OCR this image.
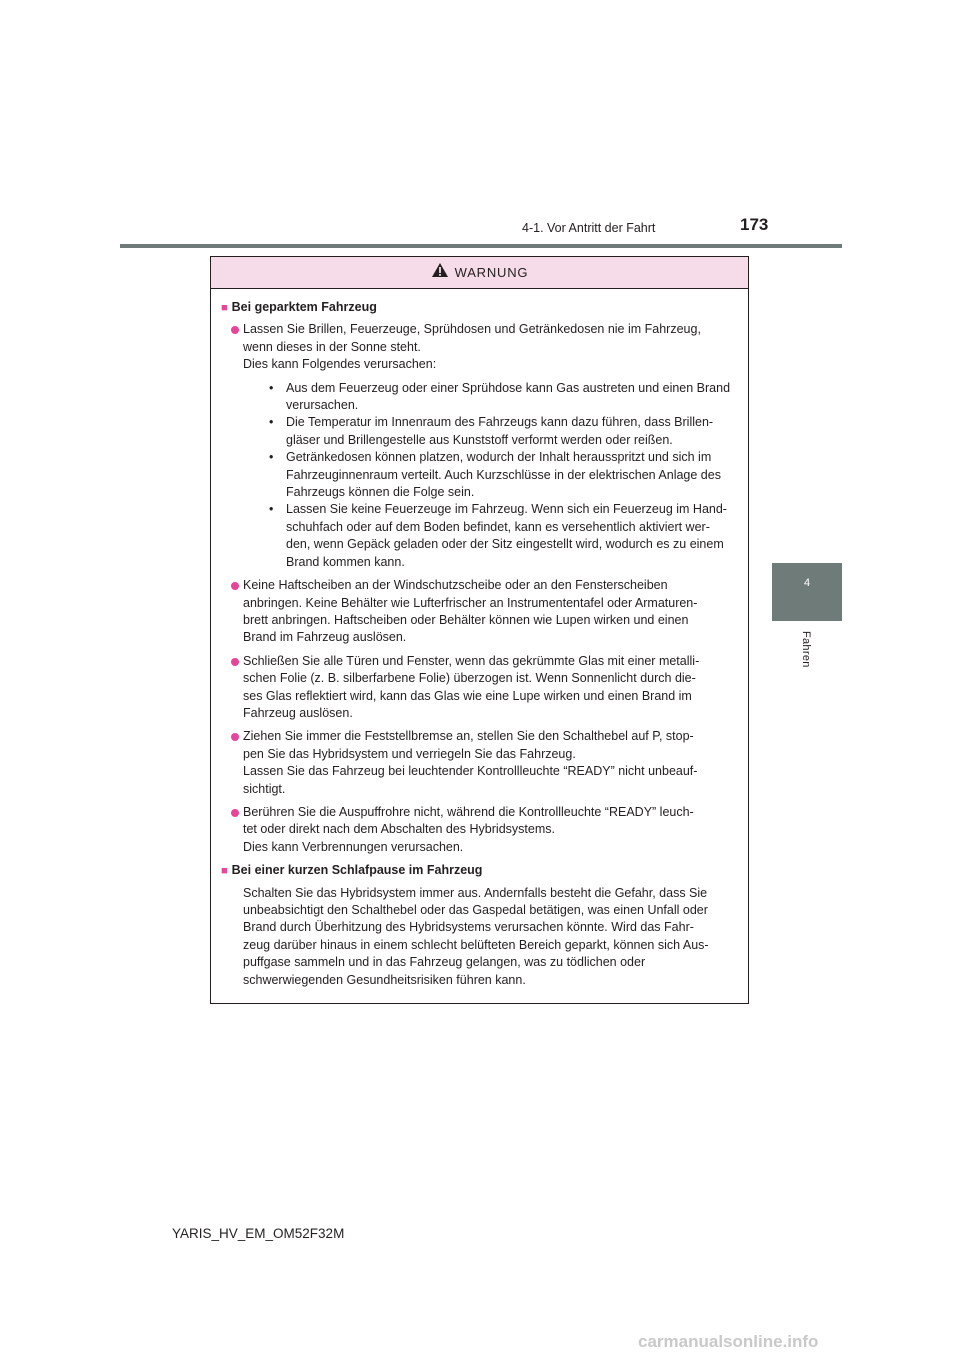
4-1. Vor Antritt der Fahrt	173
4
Fahren
WARNUNG
■ Bei geparktem Fahrzeug
Lassen Sie Brillen, Feuerzeuge, Sprühdosen und Getränkedosen nie im Fahrzeug,
wenn dieses in der Sonne steht.
Dies kann Folgendes verursachen:
• Aus dem Feuerzeug oder einer Sprühdose kann Gas austreten und einen Brand
verursachen.
• Die Temperatur im Innenraum des Fahrzeugs kann dazu führen, dass Brillen-
gläser und Brillengestelle aus Kunststoff verformt werden oder reißen.
• Getränkedosen können platzen, wodurch der Inhalt herausspritzt und sich im
Fahrzeuginnenraum verteilt. Auch Kurzschlüsse in der elektrischen Anlage des
Fahrzeugs können die Folge sein.
• Lassen Sie keine Feuerzeuge im Fahrzeug. Wenn sich ein Feuerzeug im Hand-
schuhfach oder auf dem Boden befindet, kann es versehentlich aktiviert wer-
den, wenn Gepäck geladen oder der Sitz eingestellt wird, wodurch es zu einem
Brand kommen kann.
Keine Haftscheiben an der Windschutzscheibe oder an den Fensterscheiben
anbringen. Keine Behälter wie Lufterfrischer an Instrumententafel oder Armaturen-
brett anbringen. Haftscheiben oder Behälter können wie Lupen wirken und einen
Brand im Fahrzeug auslösen.
Schließen Sie alle Türen und Fenster, wenn das gekrümmte Glas mit einer metalli-
schen Folie (z. B. silberfarbene Folie) überzogen ist. Wenn Sonnenlicht durch die-
ses Glas reflektiert wird, kann das Glas wie eine Lupe wirken und einen Brand im
Fahrzeug auslösen.
Ziehen Sie immer die Feststellbremse an, stellen Sie den Schalthebel auf P, stop-
pen Sie das Hybridsystem und verriegeln Sie das Fahrzeug.
Lassen Sie das Fahrzeug bei leuchtender Kontrollleuchte “READY” nicht unbeauf-
sichtigt.
Berühren Sie die Auspuffrohre nicht, während die Kontrollleuchte “READY” leuch-
tet oder direkt nach dem Abschalten des Hybridsystems.
Dies kann Verbrennungen verursachen.
■ Bei einer kurzen Schlafpause im Fahrzeug
Schalten Sie das Hybridsystem immer aus. Andernfalls besteht die Gefahr, dass Sie
unbeabsichtigt den Schalthebel oder das Gaspedal betätigen, was einen Unfall oder
Brand durch Überhitzung des Hybridsystems verursachen könnte. Wird das Fahr-
zeug darüber hinaus in einem schlecht belüfteten Bereich geparkt, können sich Aus-
puffgase sammeln und in das Fahrzeug gelangen, was zu tödlichen oder
schwerwiegenden Gesundheitsrisiken führen kann.
YARIS_HV_EM_OM52F32M
carmanualsonline.info
